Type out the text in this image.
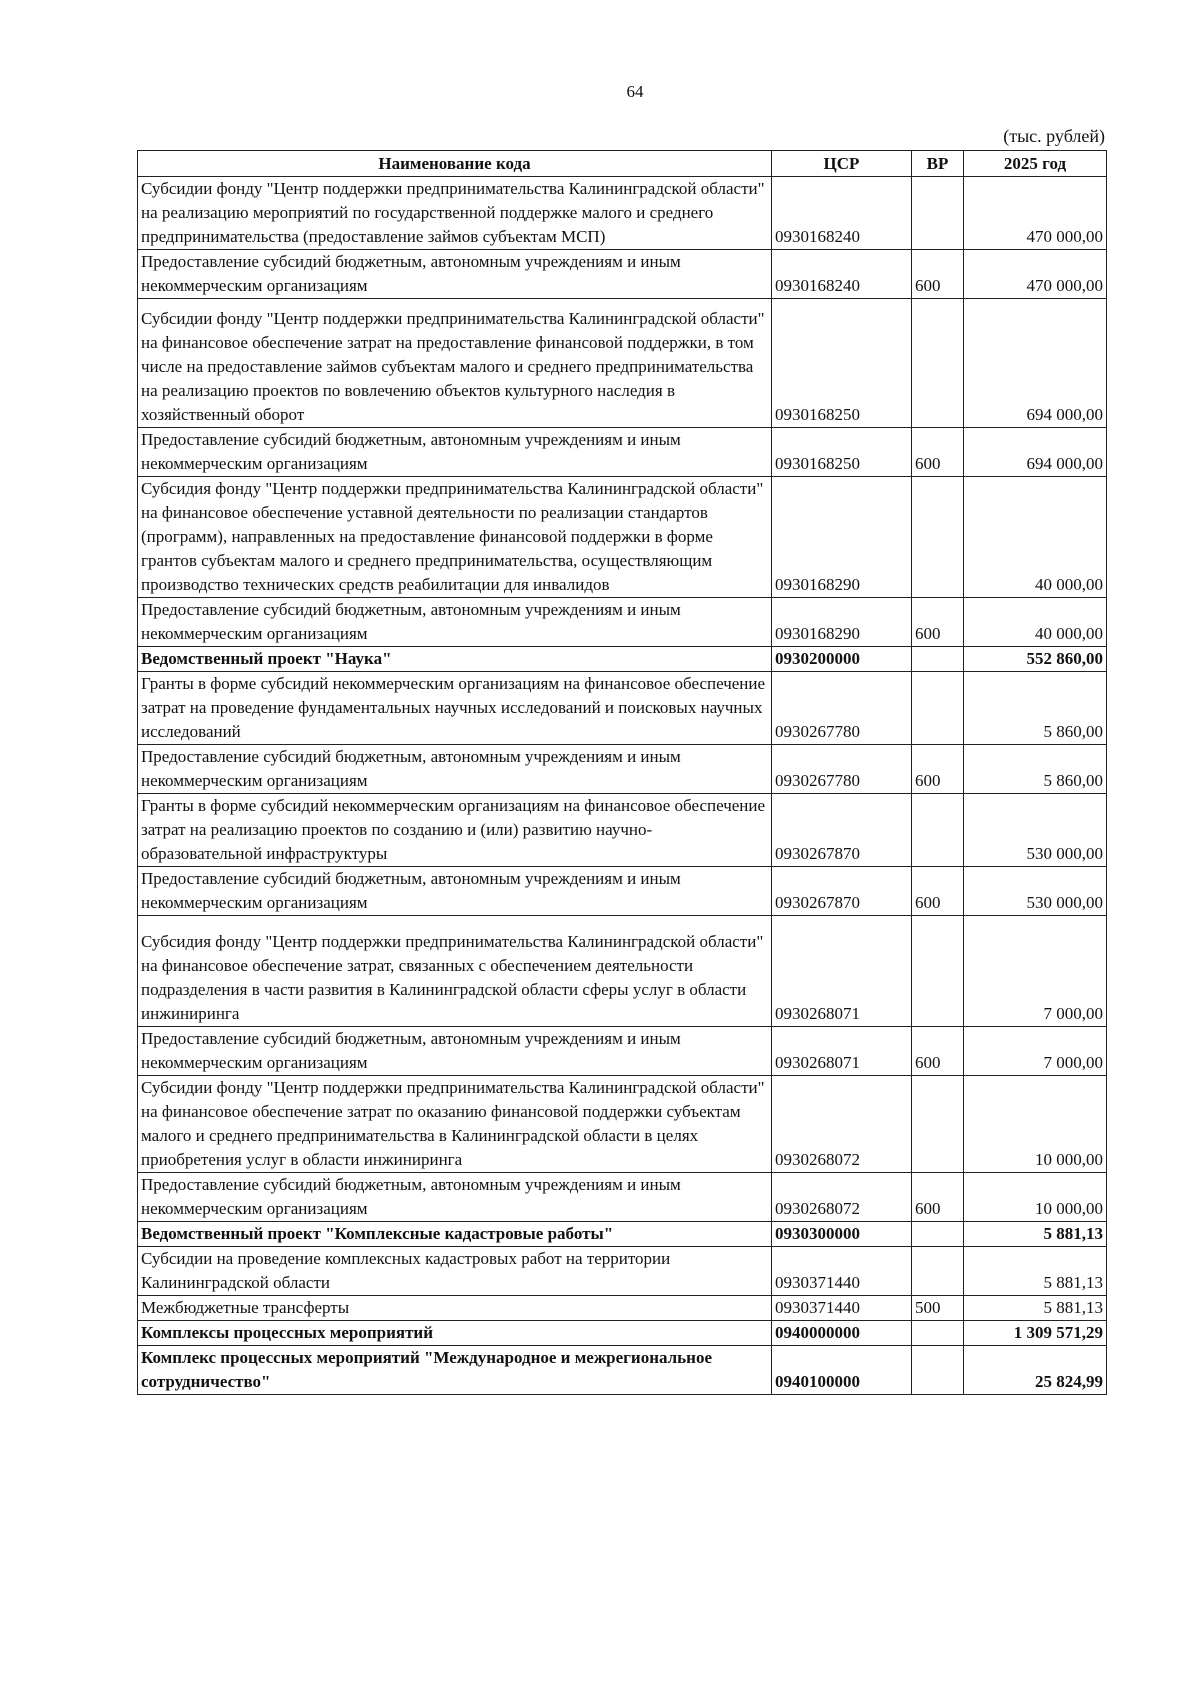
64
(тыс. рублей)
Наименование кода	ЦСР	ВР	2025 год
Субсидии фонду "Центр поддержки предпринимательства Калининградской области" на реализацию мероприятий по государственной поддержке малого и среднего предпринимательства (предоставление займов субъектам МСП)	0930168240		470 000,00
Предоставление субсидий бюджетным, автономным учреждениям и иным некоммерческим организациям	0930168240	600	470 000,00
Субсидии фонду "Центр поддержки предпринимательства Калининградской области" на финансовое обеспечение затрат на предоставление финансовой поддержки, в том числе на предоставление займов субъектам малого и среднего предпринимательства на реализацию проектов по вовлечению объектов культурного наследия в хозяйственный оборот	0930168250		694 000,00
Предоставление субсидий бюджетным, автономным учреждениям и иным некоммерческим организациям	0930168250	600	694 000,00
Субсидия фонду "Центр поддержки предпринимательства Калининградской области" на финансовое обеспечение уставной деятельности по реализации стандартов (программ), направленных на предоставление финансовой поддержки в форме грантов субъектам малого и среднего предпринимательства, осуществляющим производство технических средств реабилитации для инвалидов	0930168290		40 000,00
Предоставление субсидий бюджетным, автономным учреждениям и иным некоммерческим организациям	0930168290	600	40 000,00
Ведомственный проект "Наука"	0930200000		552 860,00
Гранты в форме субсидий некоммерческим организациям на финансовое обеспечение затрат на проведение фундаментальных научных исследований и поисковых научных исследований	0930267780		5 860,00
Предоставление субсидий бюджетным, автономным учреждениям и иным некоммерческим организациям	0930267780	600	5 860,00
Гранты в форме субсидий некоммерческим организациям на финансовое обеспечение затрат на реализацию проектов по созданию и (или) развитию научно-образовательной инфраструктуры	0930267870		530 000,00
Предоставление субсидий бюджетным, автономным учреждениям и иным некоммерческим организациям	0930267870	600	530 000,00
Субсидия фонду "Центр поддержки предпринимательства Калининградской области" на финансовое обеспечение затрат, связанных с обеспечением деятельности подразделения в части развития в Калининградской области сферы услуг в области инжиниринга	0930268071		7 000,00
Предоставление субсидий бюджетным, автономным учреждениям и иным некоммерческим организациям	0930268071	600	7 000,00
Субсидии фонду "Центр поддержки предпринимательства Калининградской области" на финансовое обеспечение затрат по оказанию финансовой поддержки субъектам малого и среднего предпринимательства в Калининградской области в целях приобретения услуг в области инжиниринга	0930268072		10 000,00
Предоставление субсидий бюджетным, автономным учреждениям и иным некоммерческим организациям	0930268072	600	10 000,00
Ведомственный проект "Комплексные кадастровые работы"	0930300000		5 881,13
Субсидии на проведение комплексных кадастровых работ на территории Калининградской области	0930371440		5 881,13
Межбюджетные трансферты	0930371440	500	5 881,13
Комплексы процессных мероприятий	0940000000		1 309 571,29
Комплекс процессных мероприятий "Международное и межрегиональное сотрудничество"	0940100000		25 824,99
